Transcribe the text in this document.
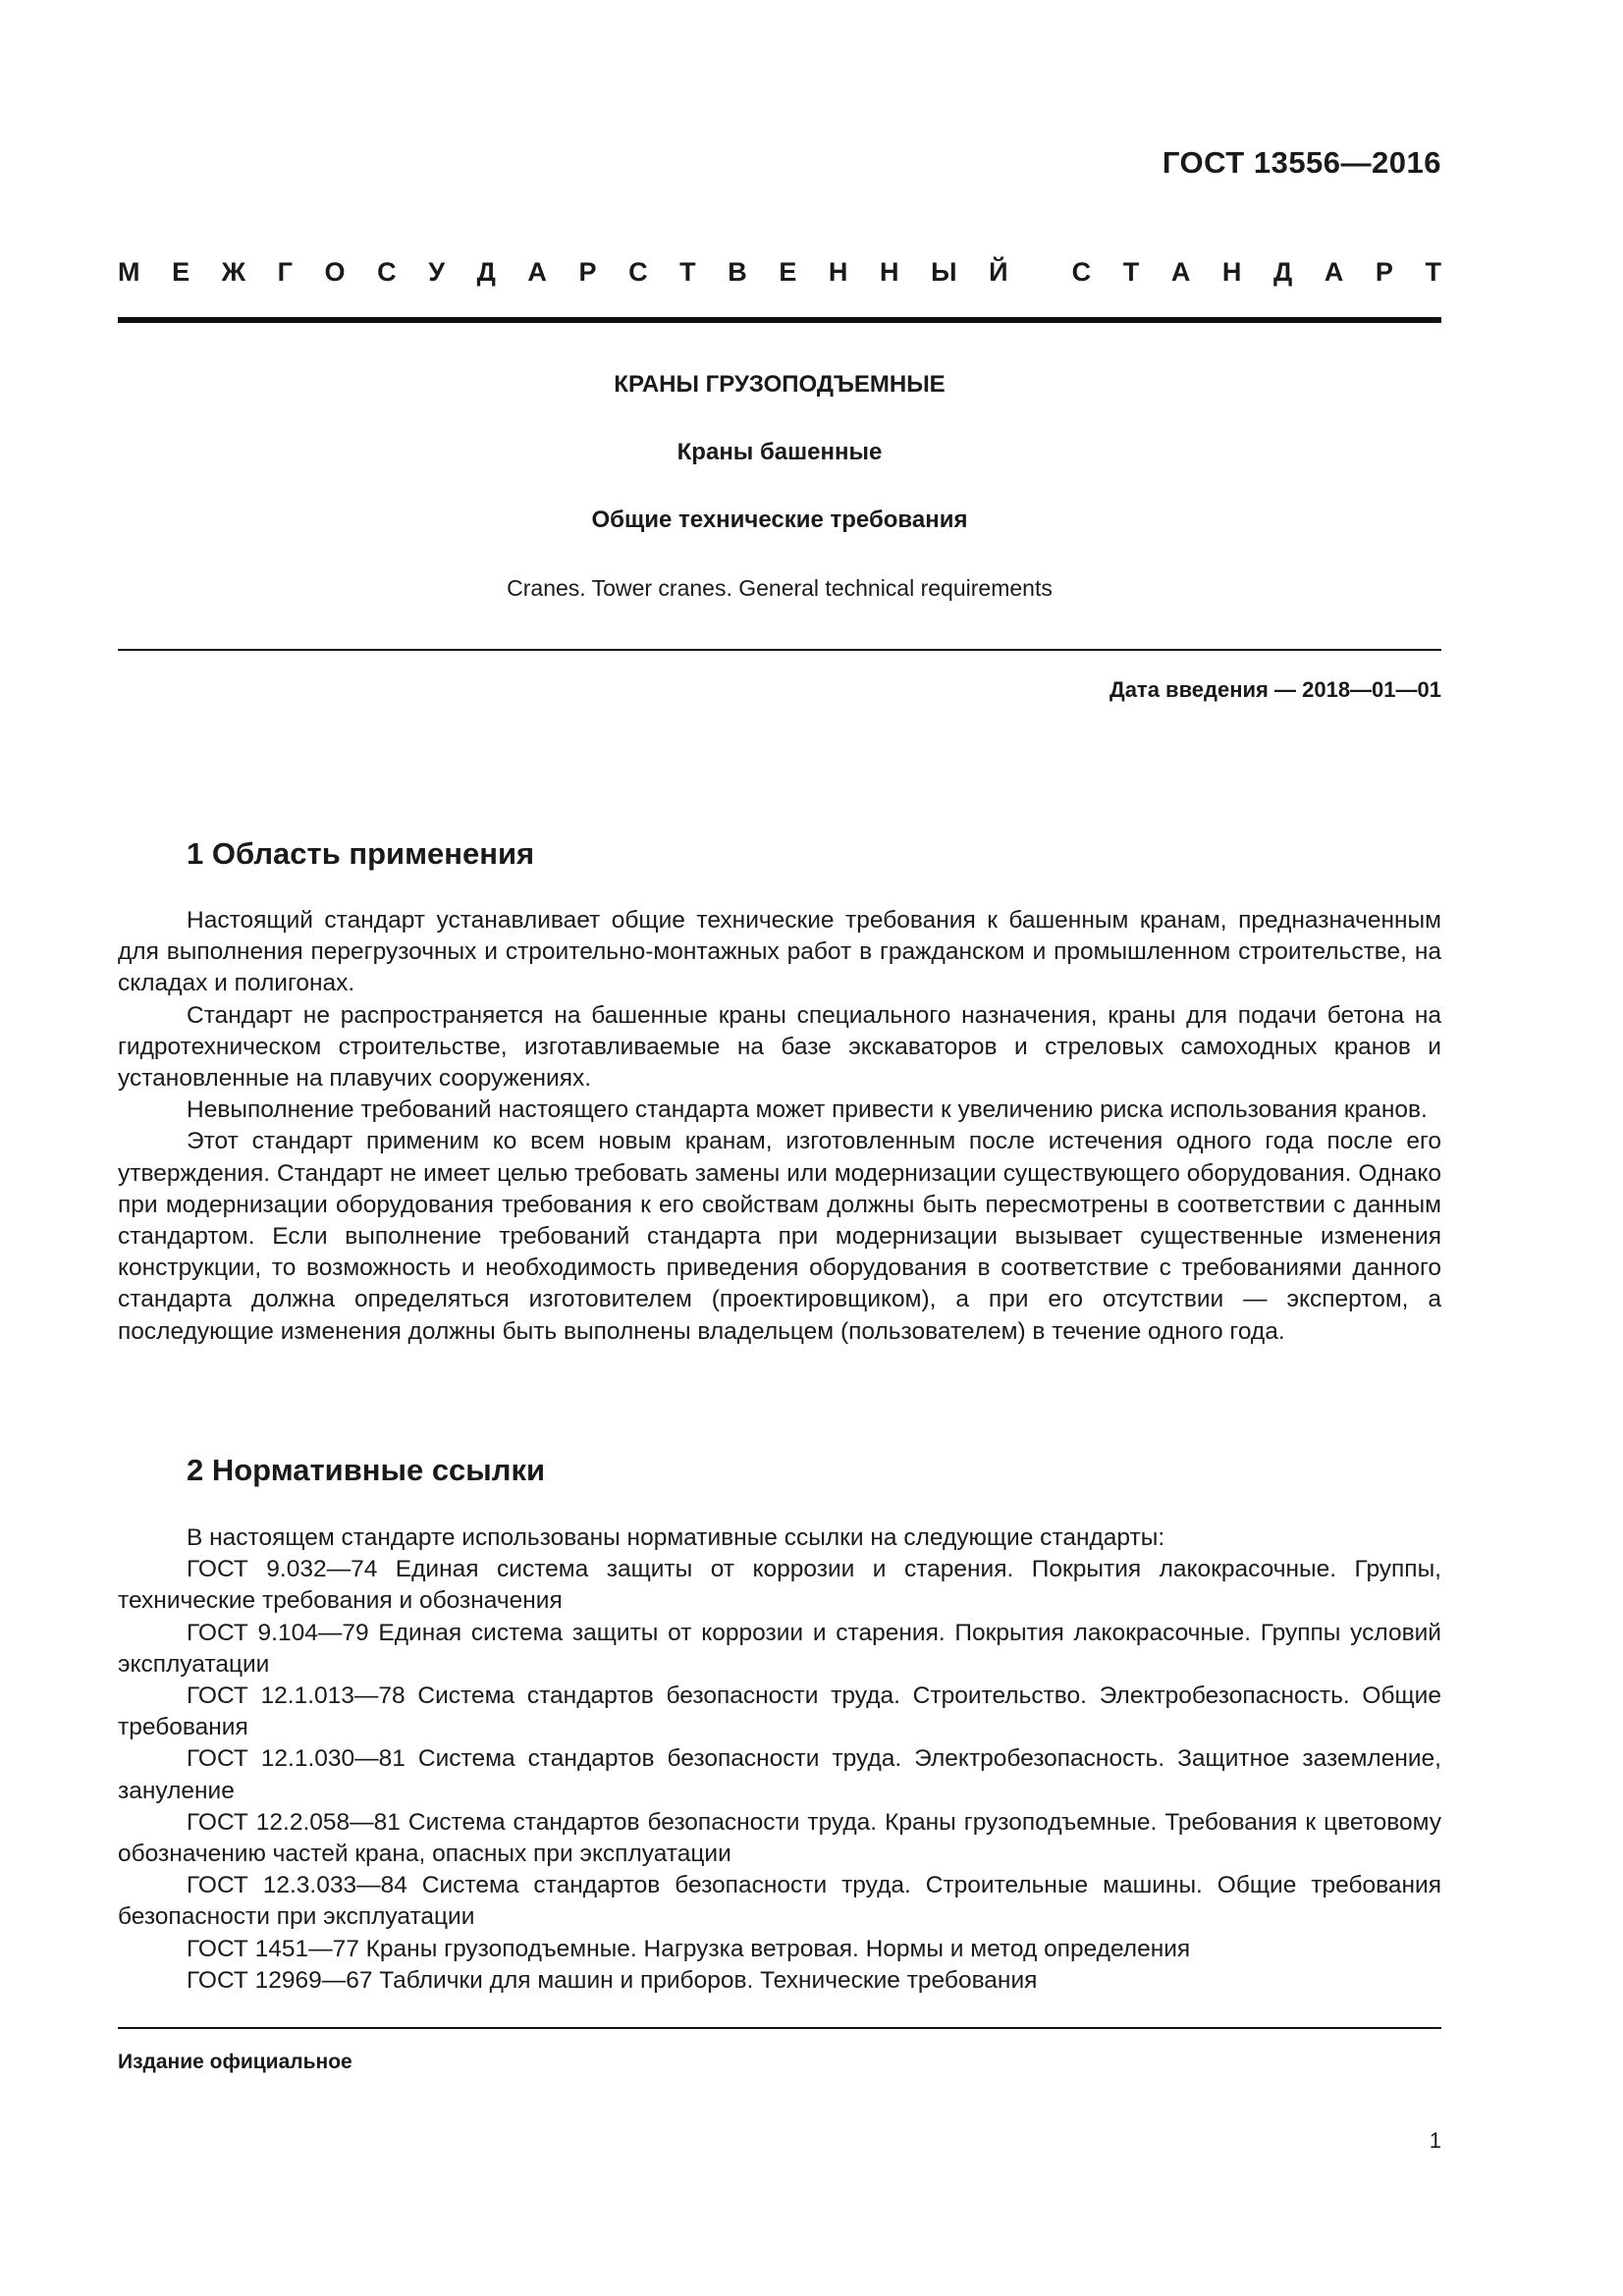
ГОСТ 13556—2016
М Е Ж Г О С У Д А Р С Т В Е Н Н Ы Й С Т А Н Д А Р Т
КРАНЫ ГРУЗОПОДЪЕМНЫЕ
Краны башенные
Общие технические требования
Cranes. Tower cranes. General technical requirements
Дата введения — 2018—01—01
1 Область применения

Настоящий стандарт устанавливает общие технические требования к башенным кранам, предназначенным для выполнения перегрузочных и строительно-монтажных работ в гражданском и промышленном строительстве, на складах и полигонах.

Стандарт не распространяется на башенные краны специального назначения, краны для подачи бетона на гидротехническом строительстве, изготавливаемые на базе экскаваторов и стреловых самоходных кранов и установленные на плавучих сооружениях.

Невыполнение требований настоящего стандарта может привести к увеличению риска использования кранов.

Этот стандарт применим ко всем новым кранам, изготовленным после истечения одного года после его утверждения. Стандарт не имеет целью требовать замены или модернизации существующего оборудования. Однако при модернизации оборудования требования к его свойствам должны быть пересмотрены в соответствии с данным стандартом. Если выполнение требований стандарта при модернизации вызывает существенные изменения конструкции, то возможность и необходимость приведения оборудования в соответствие с требованиями данного стандарта должна определяться изготовителем (проектировщиком), а при его отсутствии — экспертом, а последующие изменения должны быть выполнены владельцем (пользователем) в течение одного года.

2 Нормативные ссылки

В настоящем стандарте использованы нормативные ссылки на следующие стандарты:

ГОСТ 9.032—74 Единая система защиты от коррозии и старения. Покрытия лакокрасочные. Группы, технические требования и обозначения

ГОСТ 9.104—79 Единая система защиты от коррозии и старения. Покрытия лакокрасочные. Группы условий эксплуатации

ГОСТ 12.1.013—78 Система стандартов безопасности труда. Строительство. Электробезопасность. Общие требования

ГОСТ 12.1.030—81 Система стандартов безопасности труда. Электробезопасность. Защитное заземление, зануление

ГОСТ 12.2.058—81 Система стандартов безопасности труда. Краны грузоподъемные. Требования к цветовому обозначению частей крана, опасных при эксплуатации

ГОСТ 12.3.033—84 Система стандартов безопасности труда. Строительные машины. Общие требования безопасности при эксплуатации

ГОСТ 1451—77 Краны грузоподъемные. Нагрузка ветровая. Нормы и метод определения

ГОСТ 12969—67 Таблички для машин и приборов. Технические требования

Издание официальное
1
